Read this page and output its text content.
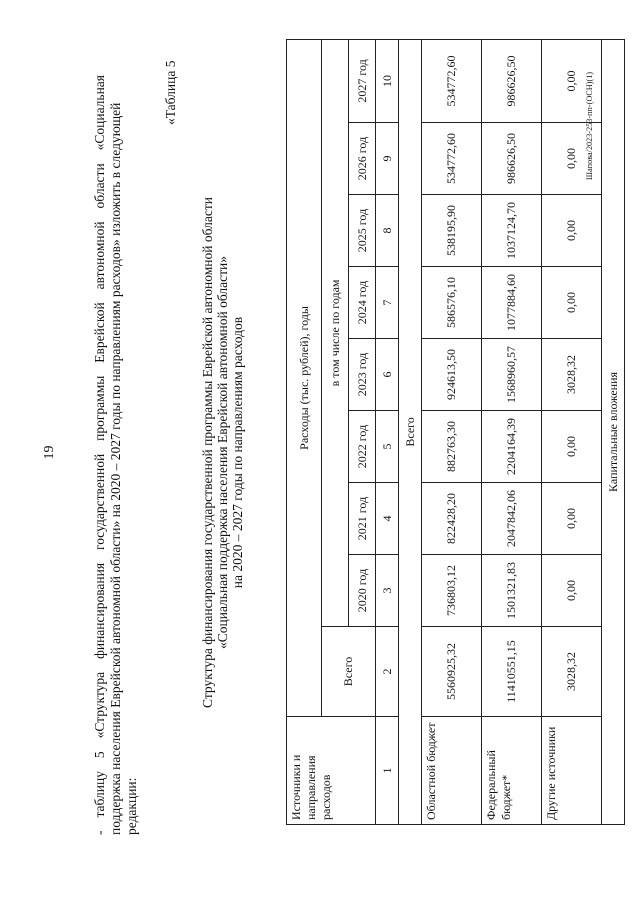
19	- таблицу 5 «Структура финансирования государственной программы Еврейской автономной области «Социальная поддержка населения Еврейской автономной области» на 2020 – 2027 годы по направлениям расходов» изложить в следующей редакции:
«Таблица 5
Структура финансирования государственной программы Еврейской автономной области «Социальная поддержка населения Еврейской автономной области» на 2020 – 2027 годы по направлениям расходов
Источники и направления расходов	Расходы (тыс. рублей), годы								
	Всего	в том числе по годам							
		2020 год	2021 год	2022 год	2023 год	2024 год	2025 год	2026 год	2027 год
1	2	3	4	5	6	7	8	9	10
Всего									
Областной бюджет	5560925,32	736803,12	822428,20	882763,30	924613,50	586576,10	538195,90	534772,60	534772,60
Федеральный бюджет*	11410551,15	1501321,83	2047842,06	2204164,39	1568960,57	1077884,60	1037124,70	986626,50	986626,50
Другие источники	3028,32	0,00	0,00	0,00	3028,32	0,00	0,00	0,00	0,00
Капитальные вложения									
Шапова/2023-253-пп-(ОСН)(1)
